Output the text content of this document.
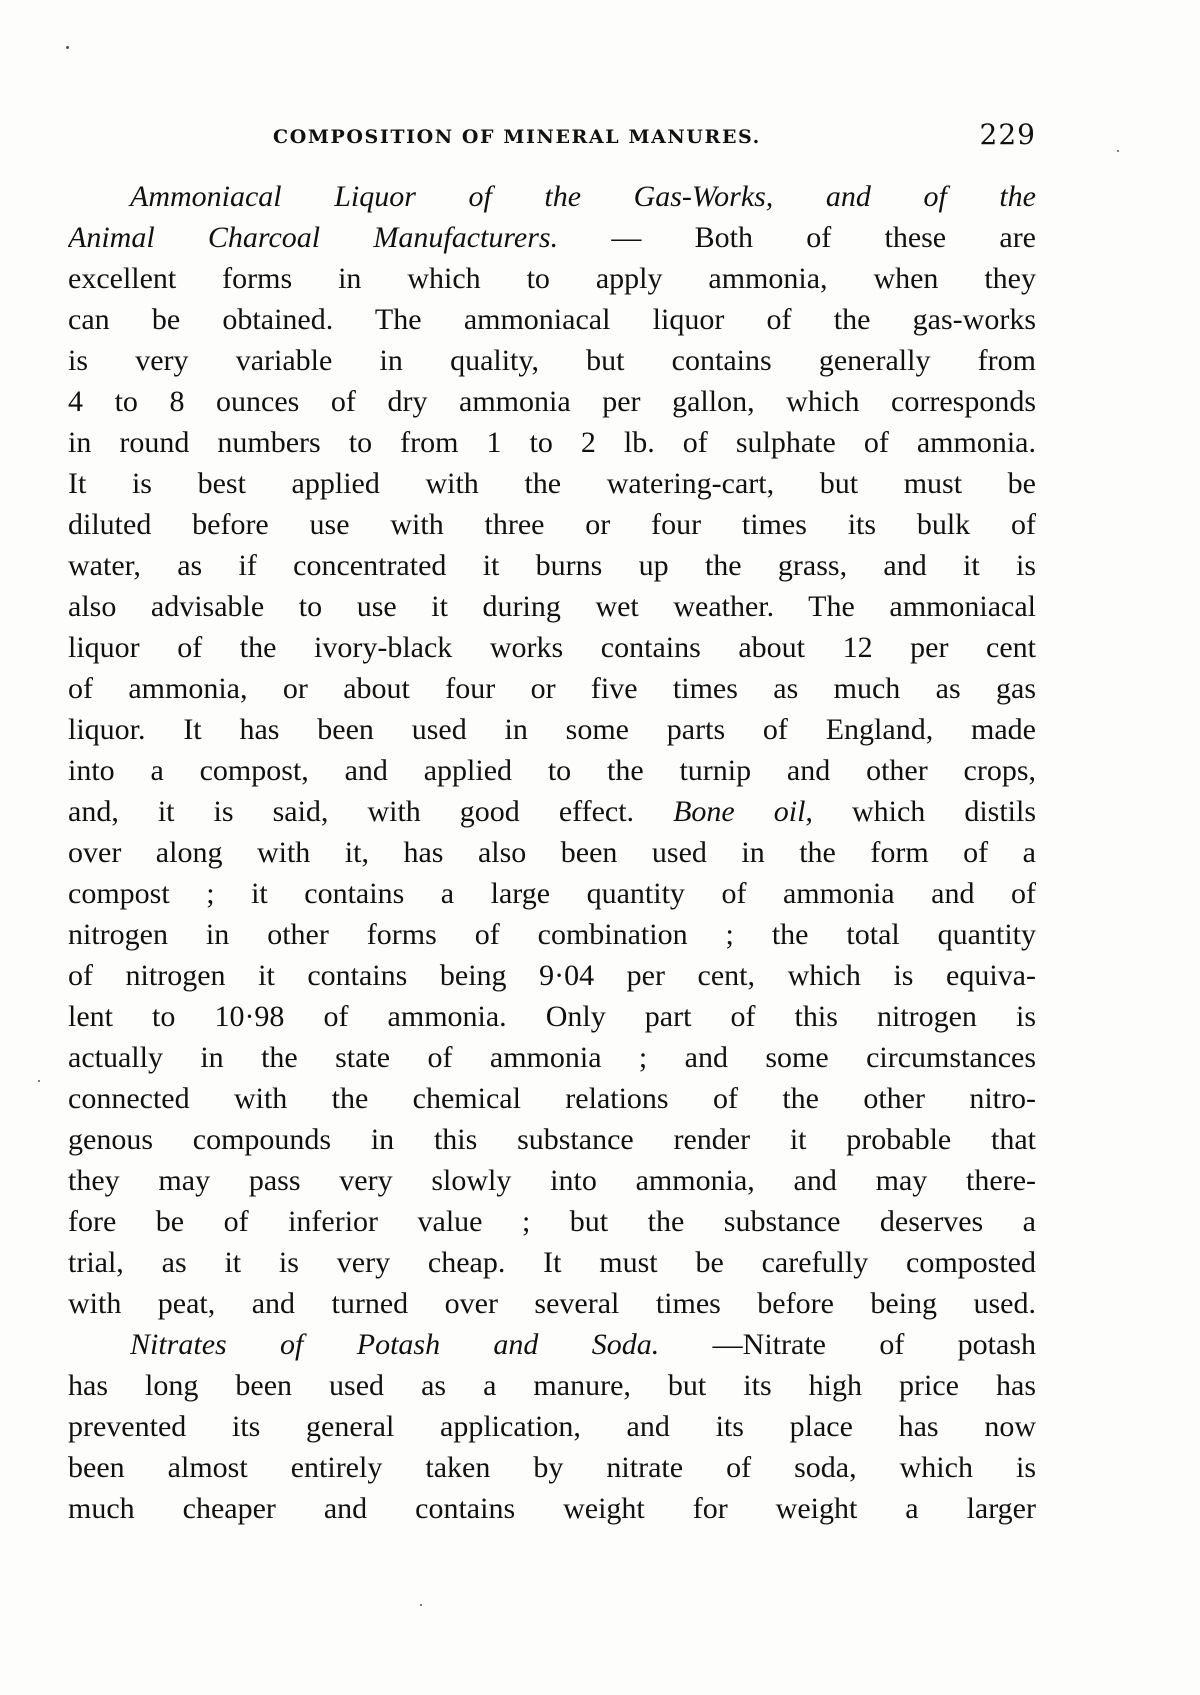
COMPOSITION OF MINERAL MANURES.	229
Ammoniacal Liquor of the Gas-Works, and of the
Animal Charcoal Manufacturers. — Both of these are
excellent forms in which to apply ammonia, when they
can be obtained. The ammoniacal liquor of the gas-works
is very variable in quality, but contains generally from
4 to 8 ounces of dry ammonia per gallon, which corresponds
in round numbers to from 1 to 2 lb. of sulphate of ammonia.
It is best applied with the watering-cart, but must be
diluted before use with three or four times its bulk of
water, as if concentrated it burns up the grass, and it is
also advisable to use it during wet weather. The ammoniacal
liquor of the ivory-black works contains about 12 per cent
of ammonia, or about four or five times as much as gas
liquor. It has been used in some parts of England, made
into a compost, and applied to the turnip and other crops,
and, it is said, with good effect. Bone oil, which distils
over along with it, has also been used in the form of a
compost ; it contains a large quantity of ammonia and of
nitrogen in other forms of combination ; the total quantity
of nitrogen it contains being 9·04 per cent, which is equiva-
lent to 10·98 of ammonia. Only part of this nitrogen is
actually in the state of ammonia ; and some circumstances
connected with the chemical relations of the other nitro-
genous compounds in this substance render it probable that
they may pass very slowly into ammonia, and may there-
fore be of inferior value ; but the substance deserves a
trial, as it is very cheap. It must be carefully composted
with peat, and turned over several times before being used.
Nitrates of Potash and Soda. —Nitrate of potash
has long been used as a manure, but its high price has
prevented its general application, and its place has now
been almost entirely taken by nitrate of soda, which is
much cheaper and contains weight for weight a larger
